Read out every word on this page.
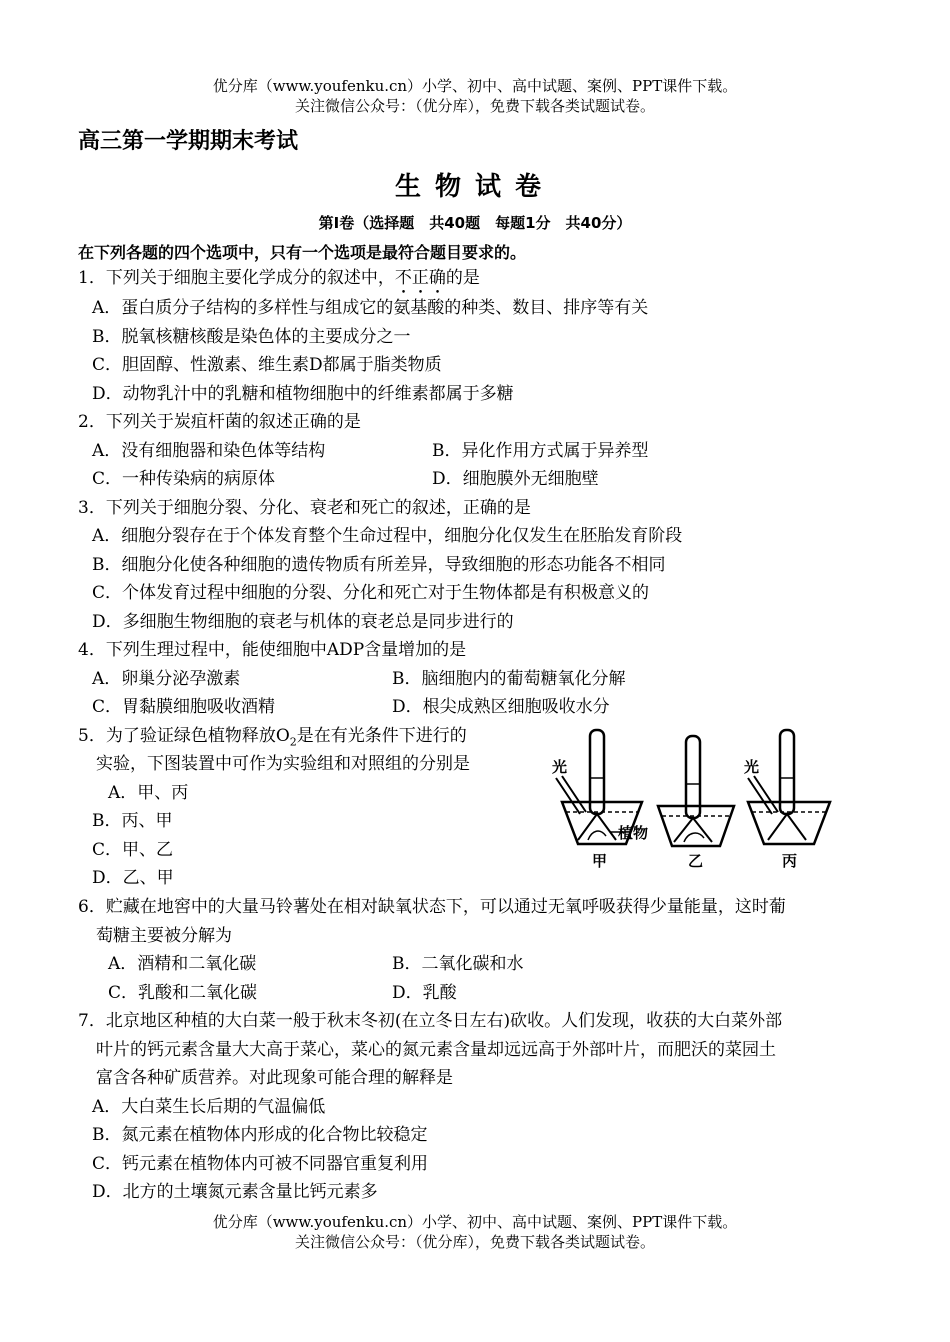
优分库（www.youfenku.cn）小学、初中、高中试题、案例、PPT课件下载。
关注微信公众号：（优分库），免费下载各类试题试卷。
高三第一学期期末考试
生物试卷
第Ⅰ卷（选择题　共40题　每题1分　共40分）
在下列各题的四个选项中，只有一个选项是最符合题目要求的。
1．下列关于细胞主要化学成分的叙述中，不正确的是
A．蛋白质分子结构的多样性与组成它的氨基酸的种类、数目、排序等有关
B．脱氧核糖核酸是染色体的主要成分之一
C．胆固醇、性激素、维生素D都属于脂类物质
D．动物乳汁中的乳糖和植物细胞中的纤维素都属于多糖
2．下列关于炭疽杆菌的叙述正确的是
A．没有细胞器和染色体等结构	B．异化作用方式属于异养型
C．一种传染病的病原体	D．细胞膜外无细胞壁
3．下列关于细胞分裂、分化、衰老和死亡的叙述，正确的是
A．细胞分裂存在于个体发育整个生命过程中，细胞分化仅发生在胚胎发育阶段
B．细胞分化使各种细胞的遗传物质有所差异，导致细胞的形态功能各不相同
C．个体发育过程中细胞的分裂、分化和死亡对于生物体都是有积极意义的
D．多细胞生物细胞的衰老与机体的衰老总是同步进行的
4．下列生理过程中，能使细胞中ADP含量增加的是
A．卵巢分泌孕激素	B．脑细胞内的葡萄糖氧化分解
C．胃黏膜细胞吸收酒精	D．根尖成熟区细胞吸收水分
5．为了验证绿色植物释放$O_2$是在有光条件下进行的
实验，下图装置中可作为实验组和对照组的分别是
A．甲、丙
B．丙、甲
C．甲、乙
D．乙、甲
光	光
植物
甲	乙	丙
6．贮藏在地窖中的大量马铃薯处在相对缺氧状态下，可以通过无氧呼吸获得少量能量，这时葡
萄糖主要被分解为
A．酒精和二氧化碳	B．二氧化碳和水
C．乳酸和二氧化碳	D．乳酸
7．北京地区种植的大白菜一般于秋末冬初(在立冬日左右)砍收。人们发现，收获的大白菜外部
叶片的钙元素含量大大高于菜心，菜心的氮元素含量却远远高于外部叶片，而肥沃的菜园土
富含各种矿质营养。对此现象可能合理的解释是
A．大白菜生长后期的气温偏低
B．氮元素在植物体内形成的化合物比较稳定
C．钙元素在植物体内可被不同器官重复利用
D．北方的土壤氮元素含量比钙元素多
优分库（www.youfenku.cn）小学、初中、高中试题、案例、PPT课件下载。
关注微信公众号：（优分库），免费下载各类试题试卷。
